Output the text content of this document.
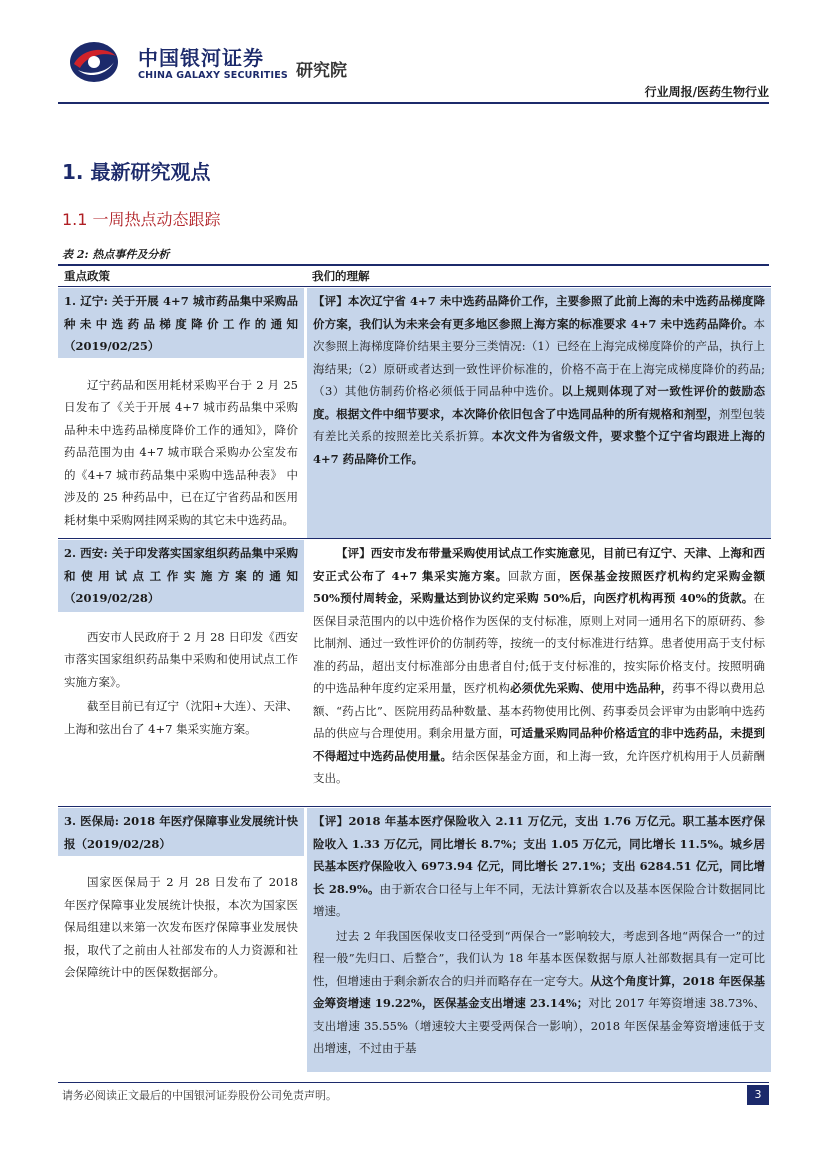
中国银河证券
CHINA GALAXY SECURITIES 研究院
行业周报/医药生物行业
1. 最新研究观点
1.1 一周热点动态跟踪
表 2: 热点事件及分析
重点政策	我们的理解
1. 辽宁: 关于开展 4+7 城市药品集中采购品种未中选药品梯度降价工作的通知（2019/02/25）
辽宁药品和医用耗材采购平台于 2 月 25 日发布了《关于开展 4+7 城市药品集中采购品种未中选药品梯度降价工作的通知》，降价药品范围为由 4+7 城市联合采购办公室发布的《4+7 城市药品集中采购中选品种表》 中涉及的 25 种药品中，已在辽宁省药品和医用耗材集中采购网挂网采购的其它未中选药品。
【评】本次辽宁省 4+7 未中选药品降价工作，主要参照了此前上海的未中选药品梯度降价方案，我们认为未来会有更多地区参照上海方案的标准要求 4+7 未中选药品降价。本次参照上海梯度降价结果主要分三类情况:（1）已经在上海完成梯度降价的产品，执行上海结果;（2）原研或者达到一致性评价标准的，价格不高于在上海完成梯度降价的药品;（3）其他仿制药价格必须低于同品种中选价。以上规则体现了对一致性评价的鼓励态度。根据文件中细节要求，本次降价依旧包含了中选同品种的所有规格和剂型，剂型包装有差比关系的按照差比关系折算。本次文件为省级文件，要求整个辽宁省均跟进上海的 4+7 药品降价工作。
2. 西安: 关于印发落实国家组织药品集中采购和使用试点工作实施方案的通知（2019/02/28）
西安市人民政府于 2 月 28 日印发《西安市落实国家组织药品集中采购和使用试点工作实施方案》。
截至目前已有辽宁（沈阳+大连）、天津、上海和弦出台了 4+7 集采实施方案。
【评】西安市发布带量采购使用试点工作实施意见，目前已有辽宁、天津、上海和西安正式公布了 4+7 集采实施方案。回款方面，医保基金按照医疗机构约定采购金额 50%预付周转金，采购量达到协议约定采购 50%后，向医疗机构再预 40%的货款。在医保目录范围内的以中选价格作为医保的支付标准，原则上对同一通用名下的原研药、参比制剂、通过一致性评价的仿制药等，按统一的支付标准进行结算。患者使用高于支付标准的药品，超出支付标准部分由患者自付;低于支付标准的，按实际价格支付。按照明确的中选品种年度约定采用量，医疗机构必须优先采购、使用中选品种，药事不得以费用总额、“药占比”、医院用药品种数量、基本药物使用比例、药事委员会评审为由影响中选药品的供应与合理使用。剩余用量方面，可适量采购同品种价格适宜的非中选药品，未提到不得超过中选药品使用量。结余医保基金方面，和上海一致，允许医疗机构用于人员薪酬支出。
3. 医保局: 2018 年医疗保障事业发展统计快报（2019/02/28）
国家医保局于 2 月 28 日发布了 2018 年医疗保障事业发展统计快报，本次为国家医保局组建以来第一次发布医疗保障事业发展快报，取代了之前由人社部发布的人力资源和社会保障统计中的医保数据部分。
【评】2018 年基本医疗保险收入 2.11 万亿元，支出 1.76 万亿元。职工基本医疗保险收入 1.33 万亿元，同比增长 8.7%；支出 1.05 万亿元，同比增长 11.5%。城乡居民基本医疗保险收入 6973.94 亿元，同比增长 27.1%；支出 6284.51 亿元，同比增长 28.9%。由于新农合口径与上年不同，无法计算新农合以及基本医保险合计数据同比增速。
过去 2 年我国医保收支口径受到“两保合一”影响较大，考虑到各地“两保合一”的过程一般”先归口、后整合”，我们认为 18 年基本医保数据与原人社部数据具有一定可比性，但增速由于剩余新农合的归并而略存在一定夸大。从这个角度计算，2018 年医保基金筹资增速 19.22%，医保基金支出增速 23.14%；对比 2017 年筹资增速 38.73%、支出增速 35.55%（增速较大主要受两保合一影响），2018 年医保基金筹资增速低于支出增速，不过由于基
请务必阅读正文最后的中国银河证券股份公司免责声明。	3
